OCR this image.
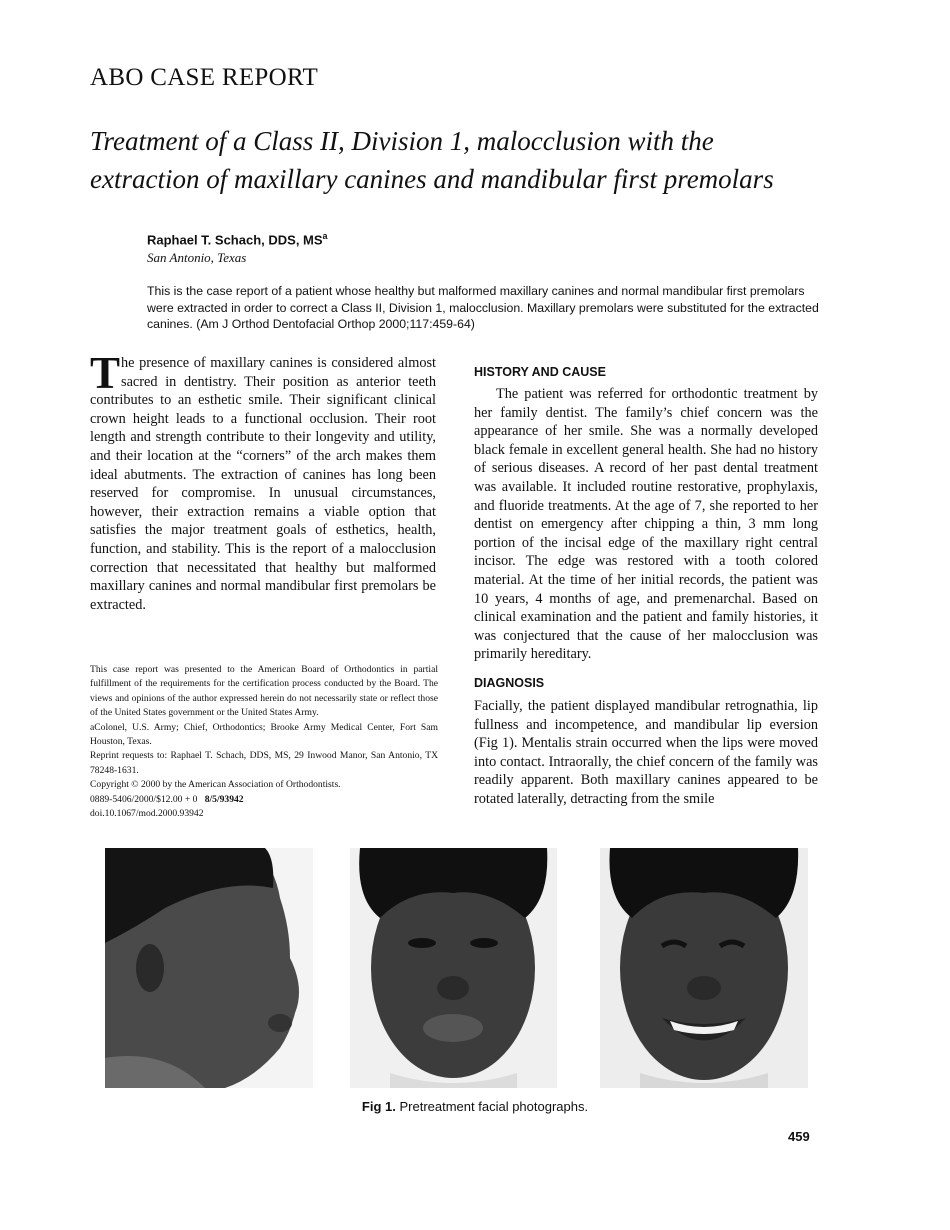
ABO CASE REPORT
Treatment of a Class II, Division 1, malocclusion with the
extraction of maxillary canines and mandibular first premolars
Raphael T. Schach, DDS, $MS^a$
San Antonio, Texas
This is the case report of a patient whose healthy but malformed maxillary canines and normal mandibular first premolars were extracted in order to correct a Class II, Division 1, malocclusion. Maxillary premolars were substituted for the extracted canines. (Am J Orthod Dentofacial Orthop 2000;117:459-64)
The presence of maxillary canines is considered almost sacred in dentistry. Their position as anterior teeth contributes to an esthetic smile. Their significant clinical crown height leads to a functional occlusion. Their root length and strength contribute to their longevity and utility, and their location at the “corners” of the arch makes them ideal abutments. The extraction of canines has long been reserved for compromise. In unusual circumstances, however, their extraction remains a viable option that satisfies the major treatment goals of esthetics, health, function, and stability. This is the report of a malocclusion correction that necessitated that healthy but malformed maxillary canines and normal mandibular first premolars be extracted.

This case report was presented to the American Board of Orthodontics in partial fulfillment of the requirements for the certification process conducted by the Board. The views and opinions of the author expressed herein do not necessarily state or reflect those of the United States government or the United States Army.

aColonel, U.S. Army; Chief, Orthodontics; Brooke Army Medical Center, Fort Sam Houston, Texas.

Reprint requests to: Raphael T. Schach, DDS, MS, 29 Inwood Manor, San Antonio, TX 78248-1631.

Copyright © 2000 by the American Association of Orthodontists.

0889-5406/2000/$12.00 + 0 8/5/93942

doi.10.1067/mod.2000.93942

HISTORY AND CAUSE

The patient was referred for orthodontic treatment by her family dentist. The family’s chief concern was the appearance of her smile. She was a normally developed black female in excellent general health. She had no history of serious diseases. A record of her past dental treatment was available. It included routine restorative, prophylaxis, and fluoride treatments. At the age of 7, she reported to her dentist on emergency after chipping a thin, 3 mm long portion of the incisal edge of the maxillary right central incisor. The edge was restored with a tooth colored material. At the time of her initial records, the patient was 10 years, 4 months of age, and premenarchal. Based on clinical examination and the patient and family histories, it was conjectured that the cause of her malocclusion was primarily hereditary.

DIAGNOSIS

Facially, the patient displayed mandibular retrognathia, lip fullness and incompetence, and mandibular lip eversion (Fig 1). Mentalis strain occurred when the lips were moved into contact. Intraorally, the chief concern of the family was readily apparent. Both maxillary canines appeared to be rotated laterally, detracting from the smile

Fig 1. Pretreatment facial photographs.
459
